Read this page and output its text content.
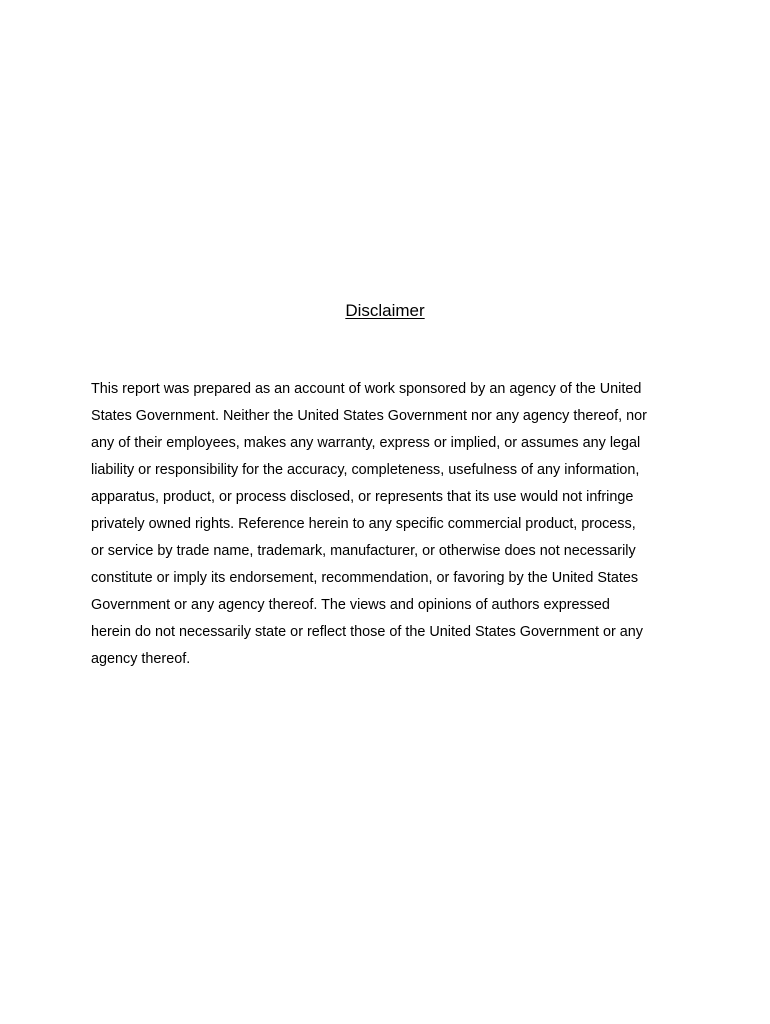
Disclaimer
This report was prepared as an account of work sponsored by an agency of the United
States Government. Neither the United States Government nor any agency thereof, nor
any of their employees, makes any warranty, express or implied, or assumes any legal
liability or responsibility for the accuracy, completeness, usefulness of any information,
apparatus, product, or process disclosed, or represents that its use would not infringe
privately owned rights. Reference herein to any specific commercial product, process,
or service by trade name, trademark, manufacturer, or otherwise does not necessarily
constitute or imply its endorsement, recommendation, or favoring by the United States
Government or any agency thereof. The views and opinions of authors expressed
herein do not necessarily state or reflect those of the United States Government or any
agency thereof.
